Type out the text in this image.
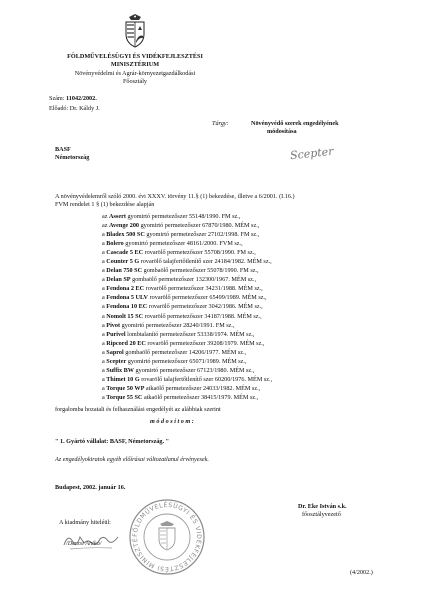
FÖLDMŰVELÉSÜGYI ÉS VIDÉKFEJLESZTÉSI
MINISZTÉRIUM
Növényvédelmi és Agrár-környezetgazdálkodási
Főosztály
Szám: 11042/2002.
Előadó: Dr. Káldy J.
Tárgy:	Növényvédő szerek engedélyének
módosítása
Scepter
BASF
Németország
A növényvédelemről szóló 2000. évi XXXV. törvény 11.§ (1) bekezdése, illetve a 6/2001. (I.16.)
FVM rendelet 1 § (1) bekezdése alapján
az Assert gyomirtó permetezőszer 55148/1990. FM sz.,
az Avenge 200 gyomirtó permetezőszer 67870/1980. MÉM sz.,
a Bladex 500 SC gyomirtó permetezőszer 27102/1998. FM sz.,
a Bolero gyomirtó permetezőszer 48161/2000. FVM sz.,
a Cascade 5 EC rovarölő permetezőszer 55708/1990. FM sz.,
a Counter 5 G rovarölő talajfertőtlenítő szer 24184/1982. MÉM sz.,
a Delan 750 SC gombaölő permetezőszer 55078/1990. FM sz.,
a Delan SP gombaölő permetezőszer 132300/1967. MÉM sz.,
a Fendona 2 EC rovarölő permetezőszer 34231/1988. MÉM sz.,
a Fendona 5 ULV rovarölő permetezőszer 65499/1989. MÉM sz.,
a Fendona 10 EC rovarölő permetezőszer 3042/1986. MÉM sz.,
a Nomolt 15 SC rovarölő permetezőszer 34187/1988. MÉM sz.,
a Pivot gyomirtó permetezőszer 28240/1991. FM sz.,
a Purivel lombtalanító permetezőszer 53338/1974. MÉM sz.,
a Ripcord 20 EC rovarölő permetezőszer 39208/1979. MÉM sz.,
a Saprol gombaölő permetezőszer 14206/1977. MÉM sz.,
a Scepter gyomirtó permetezőszer 65071/1989. MÉM sz.,
a Suffix BW gyomirtó permetezőszer 67123/1980. MÉM sz.,
a Thimet 10 G rovarölő talajfertőtlenítő szer 60200/1976. MÉM sz.,
a Torque 50 WP atkaölő permetezőszer 24033/1982. MÉM sz.,
a Torque 55 SC atkaölő permetezőszer 38415/1979. MÉM sz.,
forgalomba hozatali és felhasználási engedélyét az alábbiak szerint
m ó d o s í t o m :
" 1. Gyártó vállalat: BASF, Németország. "
Az engedélyokiratok egyéb előírásai változatlanul érvényesek.
Budapest, 2002. január 16.
Dr. Eke István s.k.
főosztályvezető
A kiadmány hiteléül:
/Derzsi Anikó/
FÖLDMŰVELÉSÜGYI ÉS VIDÉKFEJLESZTÉSI MINISZTÉ
(4/2002.)
